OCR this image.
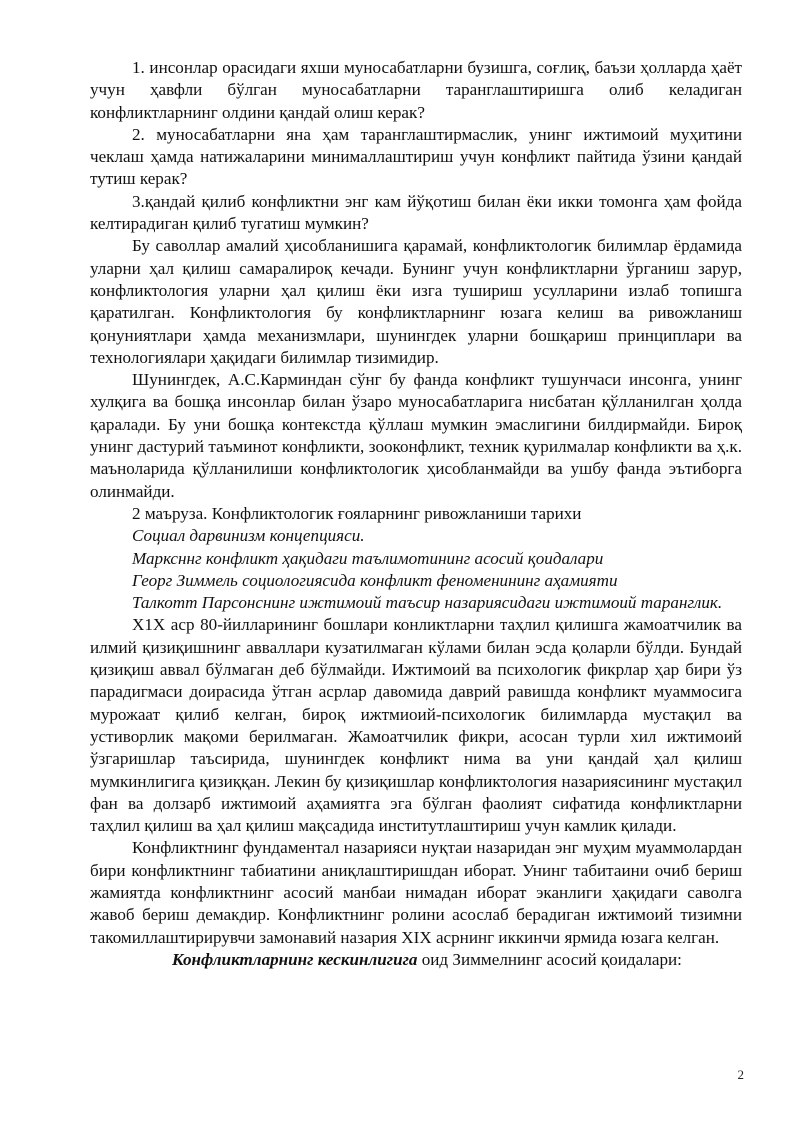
1. инсонлар орасидаги яхши муносабатларни бузишга, соғлиқ, баъзи ҳолларда ҳаёт учун ҳавфли бўлган муносабатларни таранглаштиришга олиб келадиган конфликтларнинг олдини қандай олиш керак?

2. муносабатларни яна ҳам таранглаштирмаслик, унинг ижтимоий муҳитини чеклаш ҳамда натижаларини минималлаштириш учун конфликт пайтида ўзини қандай тутиш керак?

3.қандай қилиб конфликтни энг кам йўқотиш билан ёки икки томонга ҳам фойда келтирадиган қилиб тугатиш мумкин?

Бу саволлар амалий ҳисобланишига қарамай, конфликтологик билимлар ёрдамида уларни ҳал қилиш самаралироқ кечади. Бунинг учун конфликтларни ўрганиш зарур, конфликтология уларни ҳал қилиш ёки изга тушириш усулларини излаб топишга қаратилган. Конфликтология бу конфликтларнинг юзага келиш ва ривожланиш қонуниятлари ҳамда механизмлари, шунингдек уларни бошқариш принциплари ва технологиялари ҳақидаги билимлар тизимидир.

Шунингдек, А.С.Карминдан сўнг бу фанда конфликт тушунчаси инсонга, унинг хулқига ва бошқа инсонлар билан ўзаро муносабатларига нисбатан қўлланилган ҳолда қаралади. Бу уни бошқа контекстда қўллаш мумкин эмаслигини билдирмайди. Бироқ унинг дастурий таъминот конфликти, зооконфликт, техник қурилмалар конфликти ва ҳ.к. маъноларида қўлланилиши конфликтологик ҳисобланмайди ва ушбу фанда эътиборга олинмайди.

2 маъруза. Конфликтологик ғояларнинг ривожланиши тарихи

Социал дарвинизм концепцияси.

Марксннг конфликт ҳақидаги таълимотининг асосий қоидалари

Георг Зиммель социологиясида конфликт феноменининг аҳамияти

Талкотт Парсонснинг ижтимоий таъсир назариясидаги ижтимоий таранглик.

Х1Х аср 80-йилларининг бошлари конликтларни таҳлил қилишга жамоатчилик ва илмий қизиқишнинг авваллари кузатилмаган кўлами билан эсда қоларли бўлди. Бундай қизиқиш аввал бўлмаган деб бўлмайди. Ижтимоий ва психологик фикрлар ҳар бири ўз парадигмаси доирасида ўтган асрлар давомида даврий равишда конфликт муаммосига мурожаат қилиб келган, бироқ ижтмиоий-психологик билимларда мустақил ва устиворлик мақоми берилмаган. Жамоатчилик фикри, асосан турли хил ижтимоий ўзгаришлар таъсирида, шунингдек конфликт нима ва уни қандай ҳал қилиш мумкинлигига қизиққан. Лекин бу қизиқишлар конфликтология назариясининг мустақил фан ва долзарб ижтимоий аҳамиятга эга бўлган фаолият сифатида конфликтларни таҳлил қилиш ва ҳал қилиш мақсадида институтлаштириш учун камлик қилади.

Конфликтнинг фундаментал назарияси нуқтаи назаридан энг муҳим муаммолардан бири конфликтнинг табиатини аниқлаштиришдан иборат. Унинг табитаини очиб бериш жамиятда конфликтнинг асосий манбаи нимадан иборат эканлиги ҳақидаги саволга жавоб бериш демакдир. Конфликтнинг ролини асослаб берадиган ижтимоий тизимни такомиллаштирирувчи замонавий назария XIX асрнинг иккинчи ярмида юзага келган.

Конфликтларнинг кескинлигига оид Зиммелнинг асосий қоидалари:

2
